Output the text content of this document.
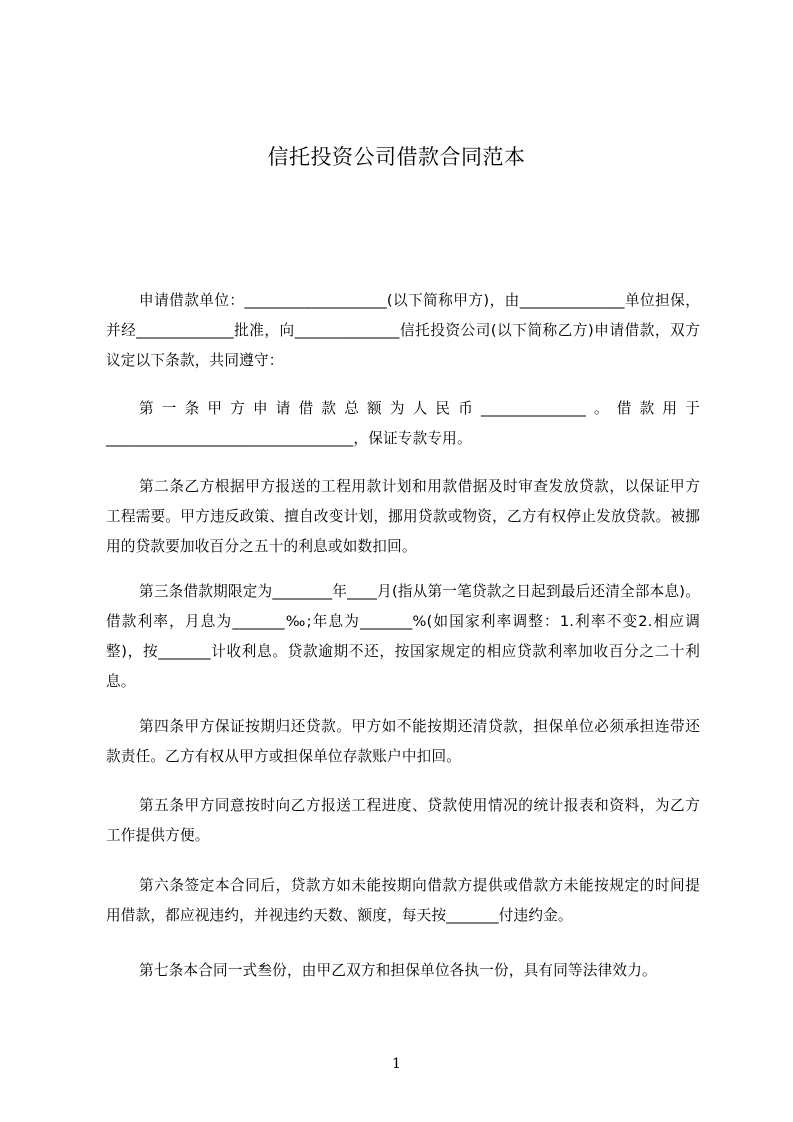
信托投资公司借款合同范本

申请借款单位：___________________(以下简称甲方)，由______________单位担保，并经_____________批准，向______________信托投资公司(以下简称乙方)申请借款，双方议定以下条款，共同遵守：

第一条甲方申请借款总额为人民币______________。借款用于_________________________________，保证专款专用。

第二条乙方根据甲方报送的工程用款计划和用款借据及时审查发放贷款，以保证甲方工程需要。甲方违反政策、擅自改变计划，挪用贷款或物资，乙方有权停止发放贷款。被挪用的贷款要加收百分之五十的利息或如数扣回。

第三条借款期限定为________年____月(指从第一笔贷款之日起到最后还清全部本息)。借款利率，月息为_______‰;年息为_______%(如国家利率调整：1.利率不变2.相应调整)，按_______计收利息。贷款逾期不还，按国家规定的相应贷款利率加收百分之二十利息。

第四条甲方保证按期归还贷款。甲方如不能按期还清贷款，担保单位必须承担连带还款责任。乙方有权从甲方或担保单位存款账户中扣回。

第五条甲方同意按时向乙方报送工程进度、贷款使用情况的统计报表和资料，为乙方工作提供方便。

第六条签定本合同后，贷款方如未能按期向借款方提供或借款方未能按规定的时间提用借款，都应视违约，并视违约天数、额度，每天按_______付违约金。

第七条本合同一式叁份，由甲乙双方和担保单位各执一份，具有同等法律效力。

1
